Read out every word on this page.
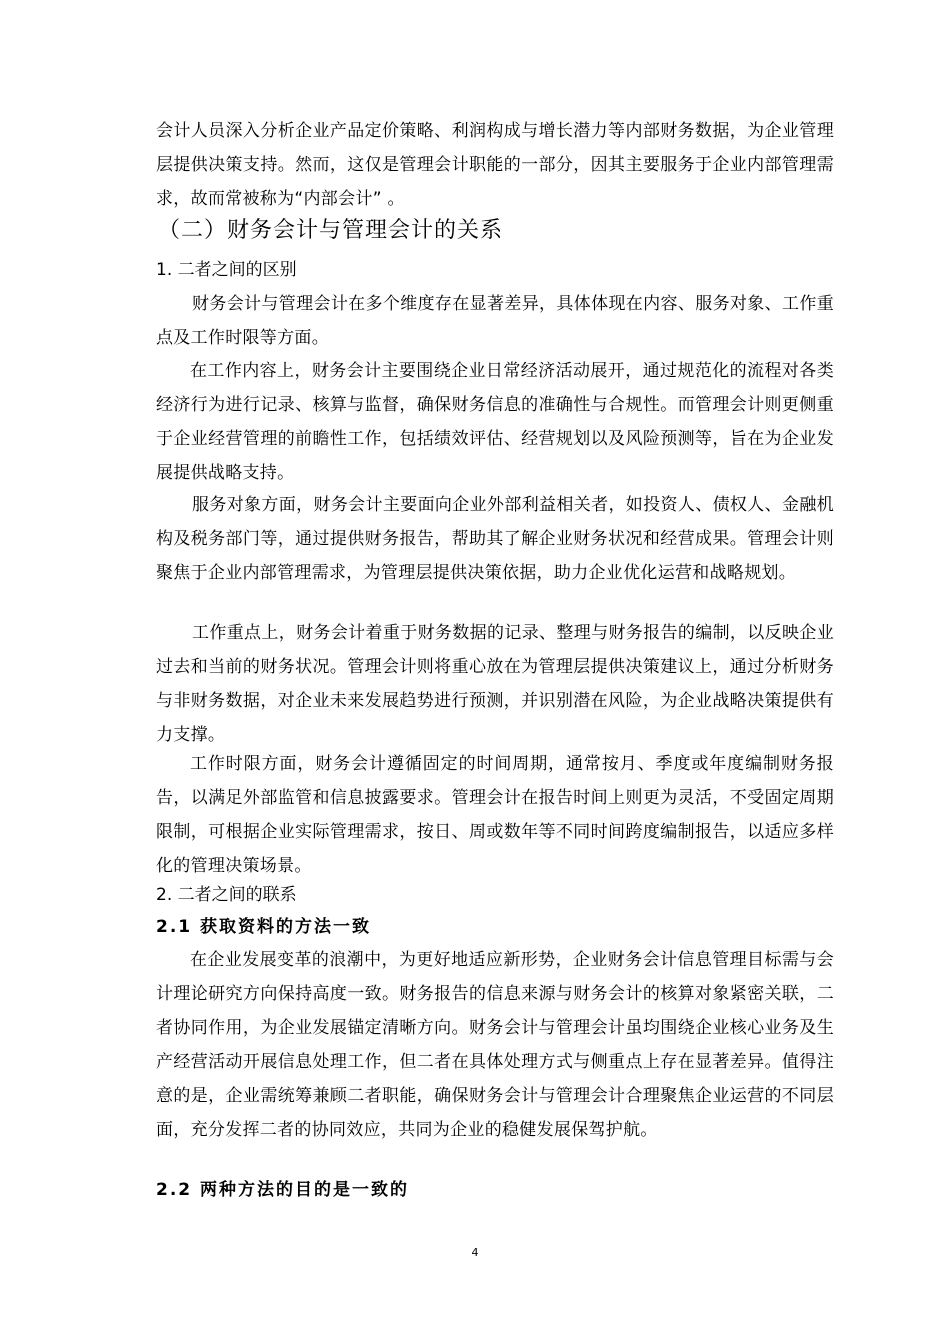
会计人员深入分析企业产品定价策略、利润构成与增长潜力等内部财务数据，为企业管理层提供决策支持。然而，这仅是管理会计职能的一部分，因其主要服务于企业内部管理需求，故而常被称为“内部会计” 。
（二）财务会计与管理会计的关系
1. 二者之间的区别
财务会计与管理会计在多个维度存在显著差异，具体体现在内容、服务对象、工作重点及工作时限等方面。
在工作内容上，财务会计主要围绕企业日常经济活动展开，通过规范化的流程对各类经济行为进行记录、核算与监督，确保财务信息的准确性与合规性。而管理会计则更侧重于企业经营管理的前瞻性工作，包括绩效评估、经营规划以及风险预测等，旨在为企业发展提供战略支持。
服务对象方面，财务会计主要面向企业外部利益相关者，如投资人、债权人、金融机构及税务部门等，通过提供财务报告，帮助其了解企业财务状况和经营成果。管理会计则聚焦于企业内部管理需求，为管理层提供决策依据，助力企业优化运营和战略规划。
工作重点上，财务会计着重于财务数据的记录、整理与财务报告的编制，以反映企业过去和当前的财务状况。管理会计则将重心放在为管理层提供决策建议上，通过分析财务与非财务数据，对企业未来发展趋势进行预测，并识别潜在风险，为企业战略决策提供有力支撑。
工作时限方面，财务会计遵循固定的时间周期，通常按月、季度或年度编制财务报告，以满足外部监管和信息披露要求。管理会计在报告时间上则更为灵活，不受固定周期限制，可根据企业实际管理需求，按日、周或数年等不同时间跨度编制报告，以适应多样化的管理决策场景。
2. 二者之间的联系
2.1 获取资料的方法一致
在企业发展变革的浪潮中，为更好地适应新形势，企业财务会计信息管理目标需与会计理论研究方向保持高度一致。财务报告的信息来源与财务会计的核算对象紧密关联，二者协同作用，为企业发展锚定清晰方向。财务会计与管理会计虽均围绕企业核心业务及生产经营活动开展信息处理工作，但二者在具体处理方式与侧重点上存在显著差异。值得注意的是，企业需统筹兼顾二者职能，确保财务会计与管理会计合理聚焦企业运营的不同层面，充分发挥二者的协同效应，共同为企业的稳健发展保驾护航。
2.2 两种方法的目的是一致的
4
